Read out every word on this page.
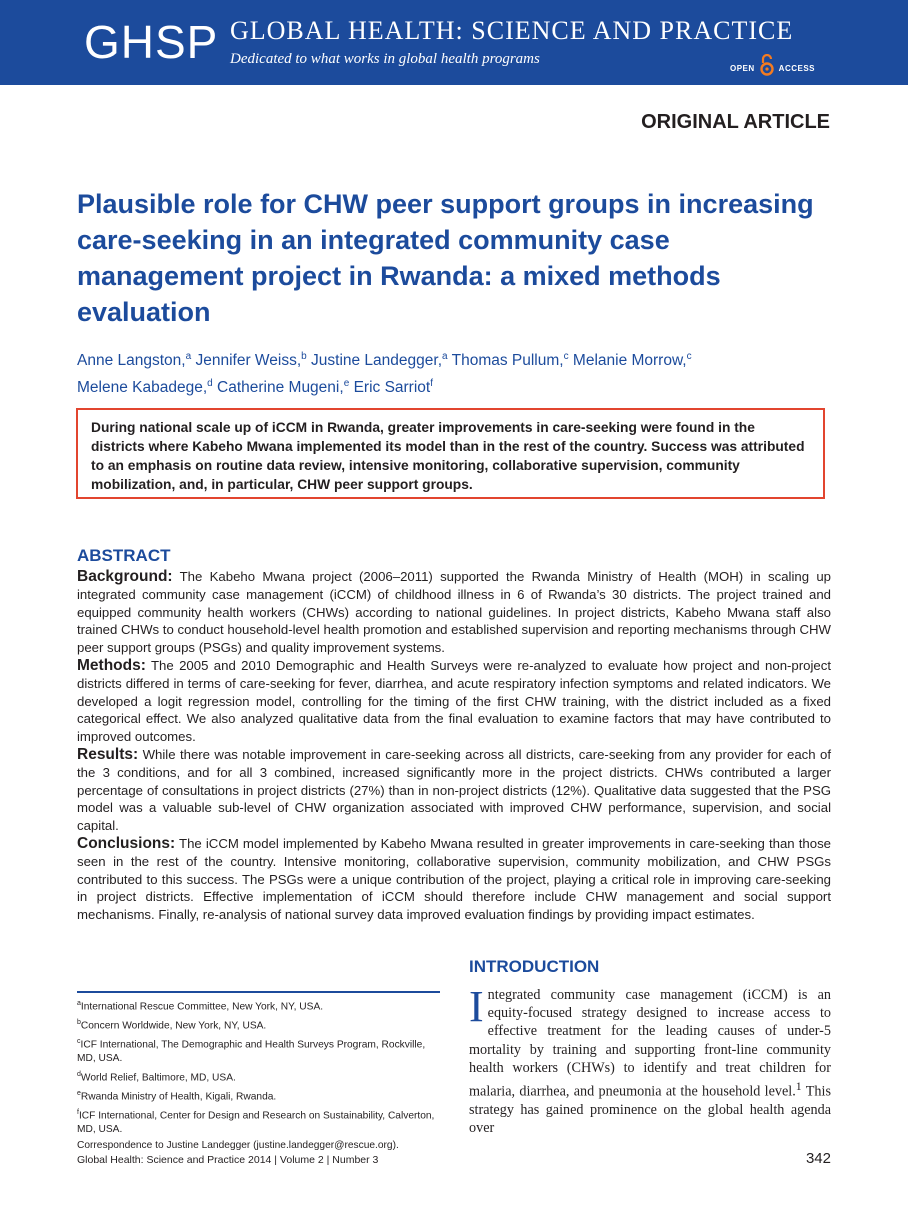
GHSP GLOBAL HEALTH: SCIENCE AND PRACTICE
Dedicated to what works in global health programs
OPEN	ACCESS
ORIGINAL ARTICLE
Plausible role for CHW peer support groups in increasing care-seeking in an integrated community case management project in Rwanda: a mixed methods evaluation
Anne Langston,$^a$ Jennifer Weiss,$^b$ Justine Landegger,$^a$ Thomas Pullum,$^c$ Melanie Morrow,$^c$
Melene Kabadege,$^d$ Catherine Mugeni,$^e$ Eric Sarriot$^f$

During national scale up of iCCM in Rwanda, greater improvements in care-seeking were found in the districts where Kabeho Mwana implemented its model than in the rest of the country. Success was attributed to an emphasis on routine data review, intensive monitoring, collaborative supervision, community mobilization, and, in particular, CHW peer support groups.

ABSTRACT

Background: The Kabeho Mwana project (2006–2011) supported the Rwanda Ministry of Health (MOH) in scaling up integrated community case management (iCCM) of childhood illness in 6 of Rwanda’s 30 districts. The project trained and equipped community health workers (CHWs) according to national guidelines. In project districts, Kabeho Mwana staff also trained CHWs to conduct household-level health promotion and established supervision and reporting mechanisms through CHW peer support groups (PSGs) and quality improvement systems.

Methods: The 2005 and 2010 Demographic and Health Surveys were re-analyzed to evaluate how project and non-project districts differed in terms of care-seeking for fever, diarrhea, and acute respiratory infection symptoms and related indicators. We developed a logit regression model, controlling for the timing of the first CHW training, with the district included as a fixed categorical effect. We also analyzed qualitative data from the final evaluation to examine factors that may have contributed to improved outcomes.

Results: While there was notable improvement in care-seeking across all districts, care-seeking from any provider for each of the 3 conditions, and for all 3 combined, increased significantly more in the project districts. CHWs contributed a larger percentage of consultations in project districts (27%) than in non-project districts (12%). Qualitative data suggested that the PSG model was a valuable sub-level of CHW organization associated with improved CHW performance, supervision, and social capital.

Conclusions: The iCCM model implemented by Kabeho Mwana resulted in greater improvements in care-seeking than those seen in the rest of the country. Intensive monitoring, collaborative supervision, community mobilization, and CHW PSGs contributed to this success. The PSGs were a unique contribution of the project, playing a critical role in improving care-seeking in project districts. Effective implementation of iCCM should therefore include CHW management and social support mechanisms. Finally, re-analysis of national survey data improved evaluation findings by providing impact estimates.

$^a$International Rescue Committee, New York, NY, USA.
$^b$Concern Worldwide, New York, NY, USA.
$^c$ICF International, The Demographic and Health Surveys Program, Rockville, MD, USA.
$^d$World Relief, Baltimore, MD, USA.
$^e$Rwanda Ministry of Health, Kigali, Rwanda.
$^f$ICF International, Center for Design and Research on Sustainability, Calverton, MD, USA.
Correspondence to Justine Landegger (justine.landegger@rescue.org).
INTRODUCTION

Integrated community case management (iCCM) is an equity-focused strategy designed to increase access to effective treatment for the leading causes of under-5 mortality by training and supporting front-line community health workers (CHWs) to identify and treat children for malaria, diarrhea, and pneumonia at the household level.$^1$ This strategy has gained prominence on the global health agenda over

Global Health: Science and Practice 2014 | Volume 2 | Number 3	342
